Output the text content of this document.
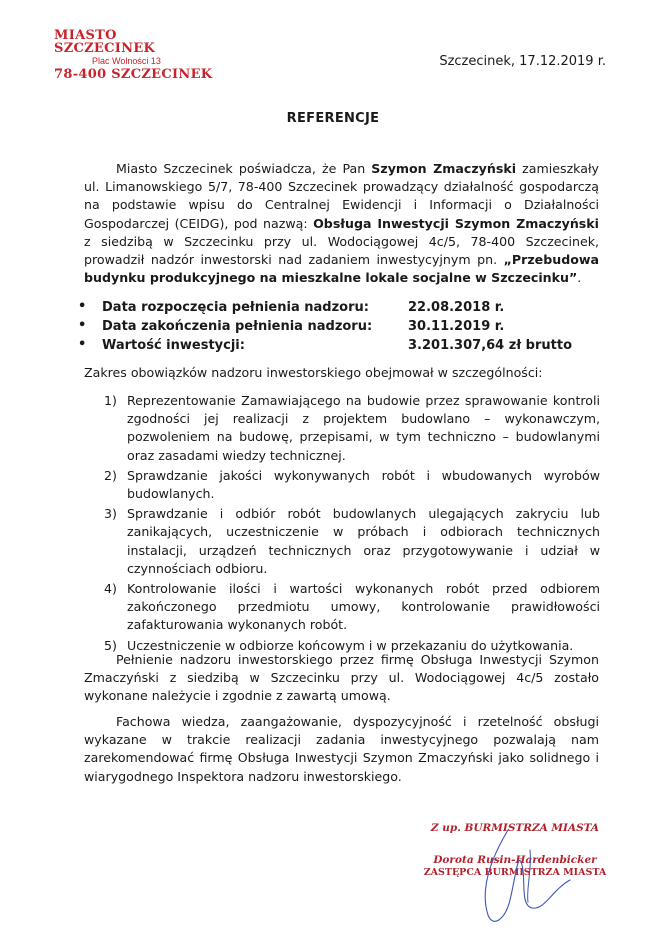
MIASTO SZCZECINEK
Plac Wolności 13
78-400 SZCZECINEK
Szczecinek, 17.12.2019 r.
REFERENCJE

Miasto Szczecinek poświadcza, że Pan Szymon Zmaczyński zamieszkały ul. Limanowskiego 5/7, 78-400 Szczecinek prowadzący działalność gospodarczą na podstawie wpisu do Centralnej Ewidencji i Informacji o Działalności Gospodarczej (CEIDG), pod nazwą: Obsługa Inwestycji Szymon Zmaczyński z siedzibą w Szczecinku przy ul. Wodociągowej 4c/5, 78-400 Szczecinek, prowadził nadzór inwestorski nad zadaniem inwestycyjnym pn. „Przebudowa budynku produkcyjnego na mieszkalne lokale socjalne w Szczecinku”.

• Data rozpoczęcia pełnienia nadzoru:	22.08.2018 r.
• Data zakończenia pełnienia nadzoru:	30.11.2019 r.
• Wartość inwestycji:	3.201.307,64 zł brutto
Zakres obowiązków nadzoru inwestorskiego obejmował w szczególności:
1) Reprezentowanie Zamawiającego na budowie przez sprawowanie kontroli zgodności jej realizacji z projektem budowlano – wykonawczym, pozwoleniem na budowę, przepisami, w tym techniczno – budowlanymi oraz zasadami wiedzy technicznej.
2) Sprawdzanie jakości wykonywanych robót i wbudowanych wyrobów budowlanych.
3) Sprawdzanie i odbiór robót budowlanych ulegających zakryciu lub zanikających, uczestniczenie w próbach i odbiorach technicznych instalacji, urządzeń technicznych oraz przygotowywanie i udział w czynnościach odbioru.
4) Kontrolowanie ilości i wartości wykonanych robót przed odbiorem zakończonego przedmiotu umowy, kontrolowanie prawidłowości zafakturowania wykonanych robót.
5) Uczestniczenie w odbiorze końcowym i w przekazaniu do użytkowania.

Pełnienie nadzoru inwestorskiego przez firmę Obsługa Inwestycji Szymon Zmaczyński z siedzibą w Szczecinku przy ul. Wodociągowej 4c/5 zostało wykonane należycie i zgodnie z zawartą umową.

Fachowa wiedza, zaangażowanie, dyspozycyjność i rzetelność obsługi wykazane w trakcie realizacji zadania inwestycyjnego pozwalają nam zarekomendować firmę Obsługa Inwestycji Szymon Zmaczyński jako solidnego i wiarygodnego Inspektora nadzoru inwestorskiego.

Z up. BURMISTRZA MIASTA
Dorota Rusin-Hardenbicker
ZASTĘPCA BURMISTRZA MIASTA
